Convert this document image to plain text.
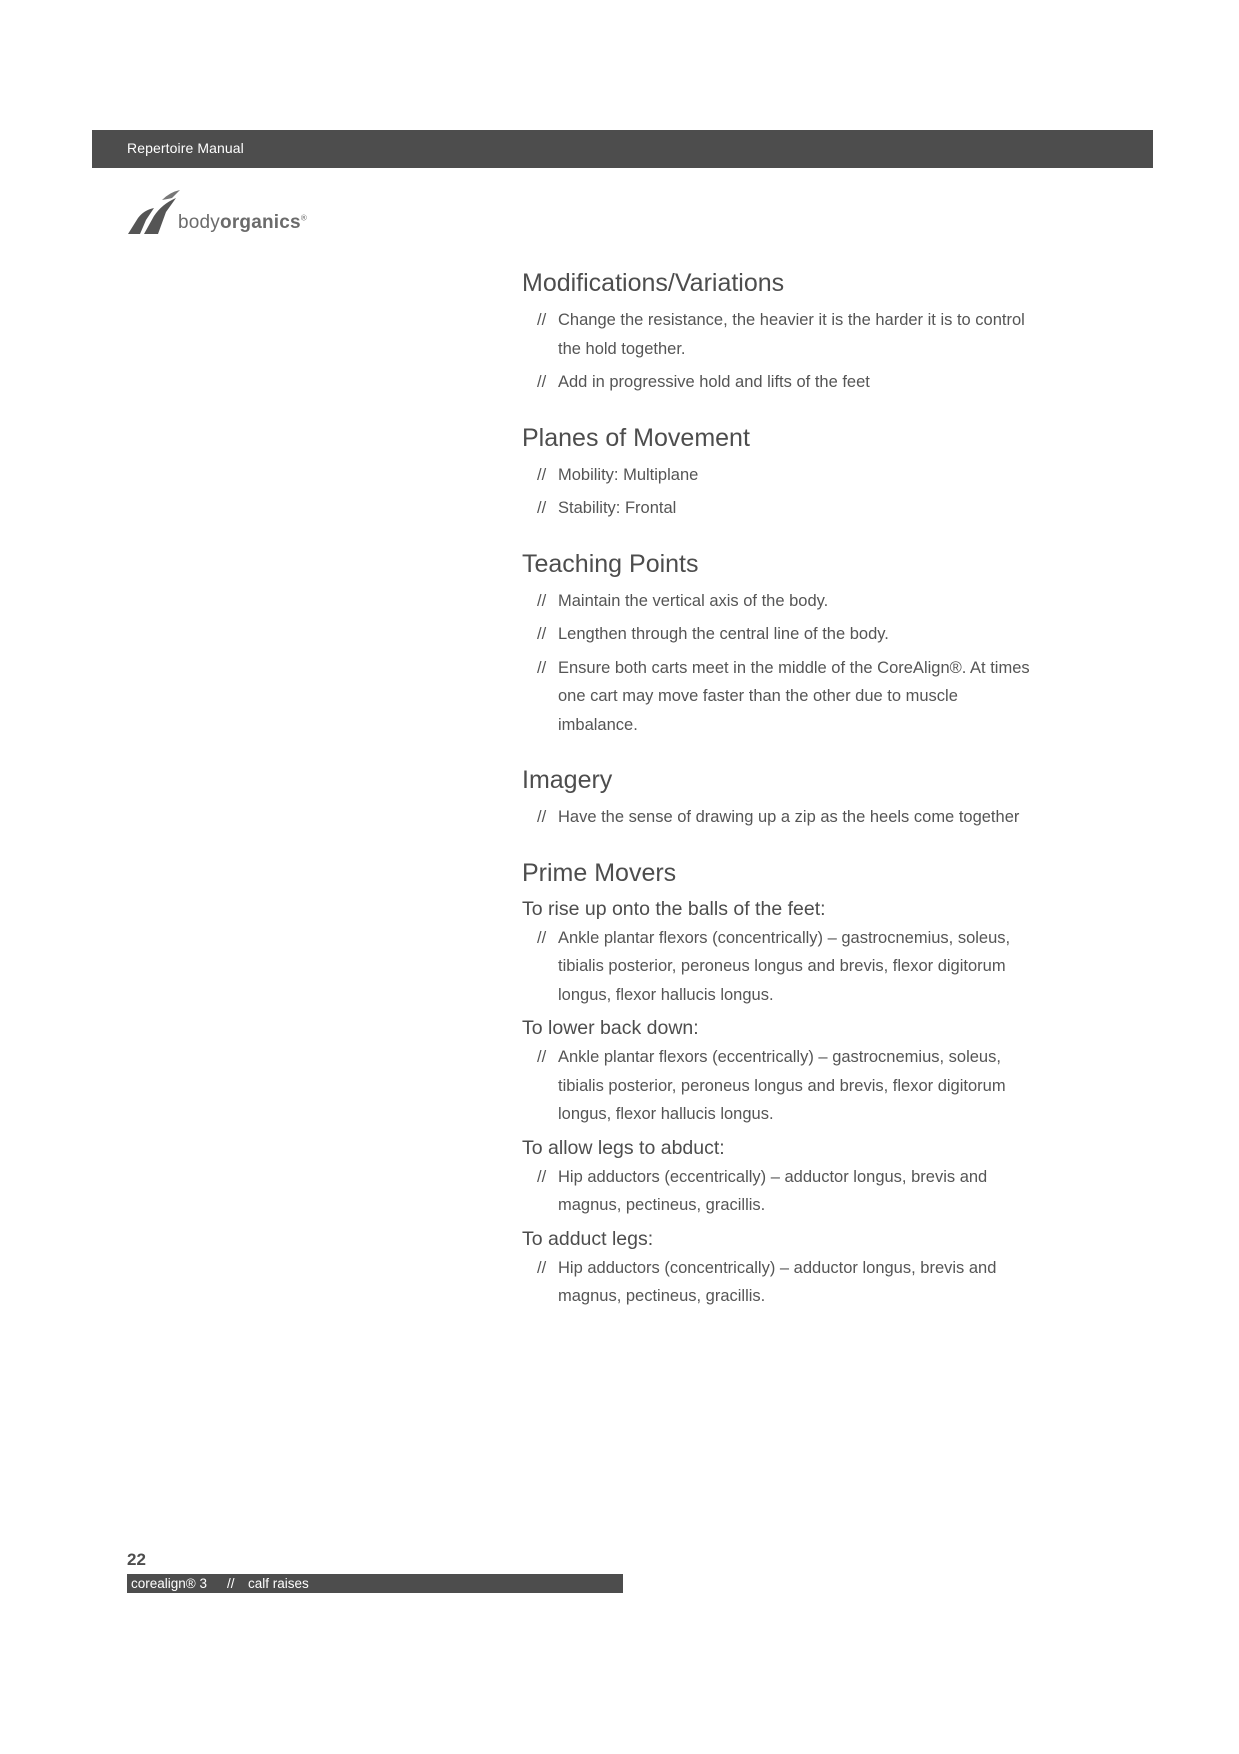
Repertoire Manual
bodyorganics®
Modifications/Variations
// Change the resistance, the heavier it is the harder it is to control the hold together.
// Add in progressive hold and lifts of the feet
Planes of Movement
// Mobility: Multiplane
// Stability: Frontal
Teaching Points
// Maintain the vertical axis of the body.
// Lengthen through the central line of the body.
// Ensure both carts meet in the middle of the CoreAlign®. At times one cart may move faster than the other due to muscle imbalance.
Imagery
// Have the sense of drawing up a zip as the heels come together
Prime Movers
To rise up onto the balls of the feet:
// Ankle plantar flexors (concentrically) – gastrocnemius, soleus, tibialis posterior, peroneus longus and brevis, flexor digitorum longus, flexor hallucis longus.
To lower back down:
// Ankle plantar flexors (eccentrically) – gastrocnemius, soleus, tibialis posterior, peroneus longus and brevis, flexor digitorum longus, flexor hallucis longus.
To allow legs to abduct:
// Hip adductors (eccentrically) – adductor longus, brevis and magnus, pectineus, gracillis.
To adduct legs:
// Hip adductors (concentrically) – adductor longus, brevis and magnus, pectineus, gracillis.
22
corealign® 3 // calf raises
